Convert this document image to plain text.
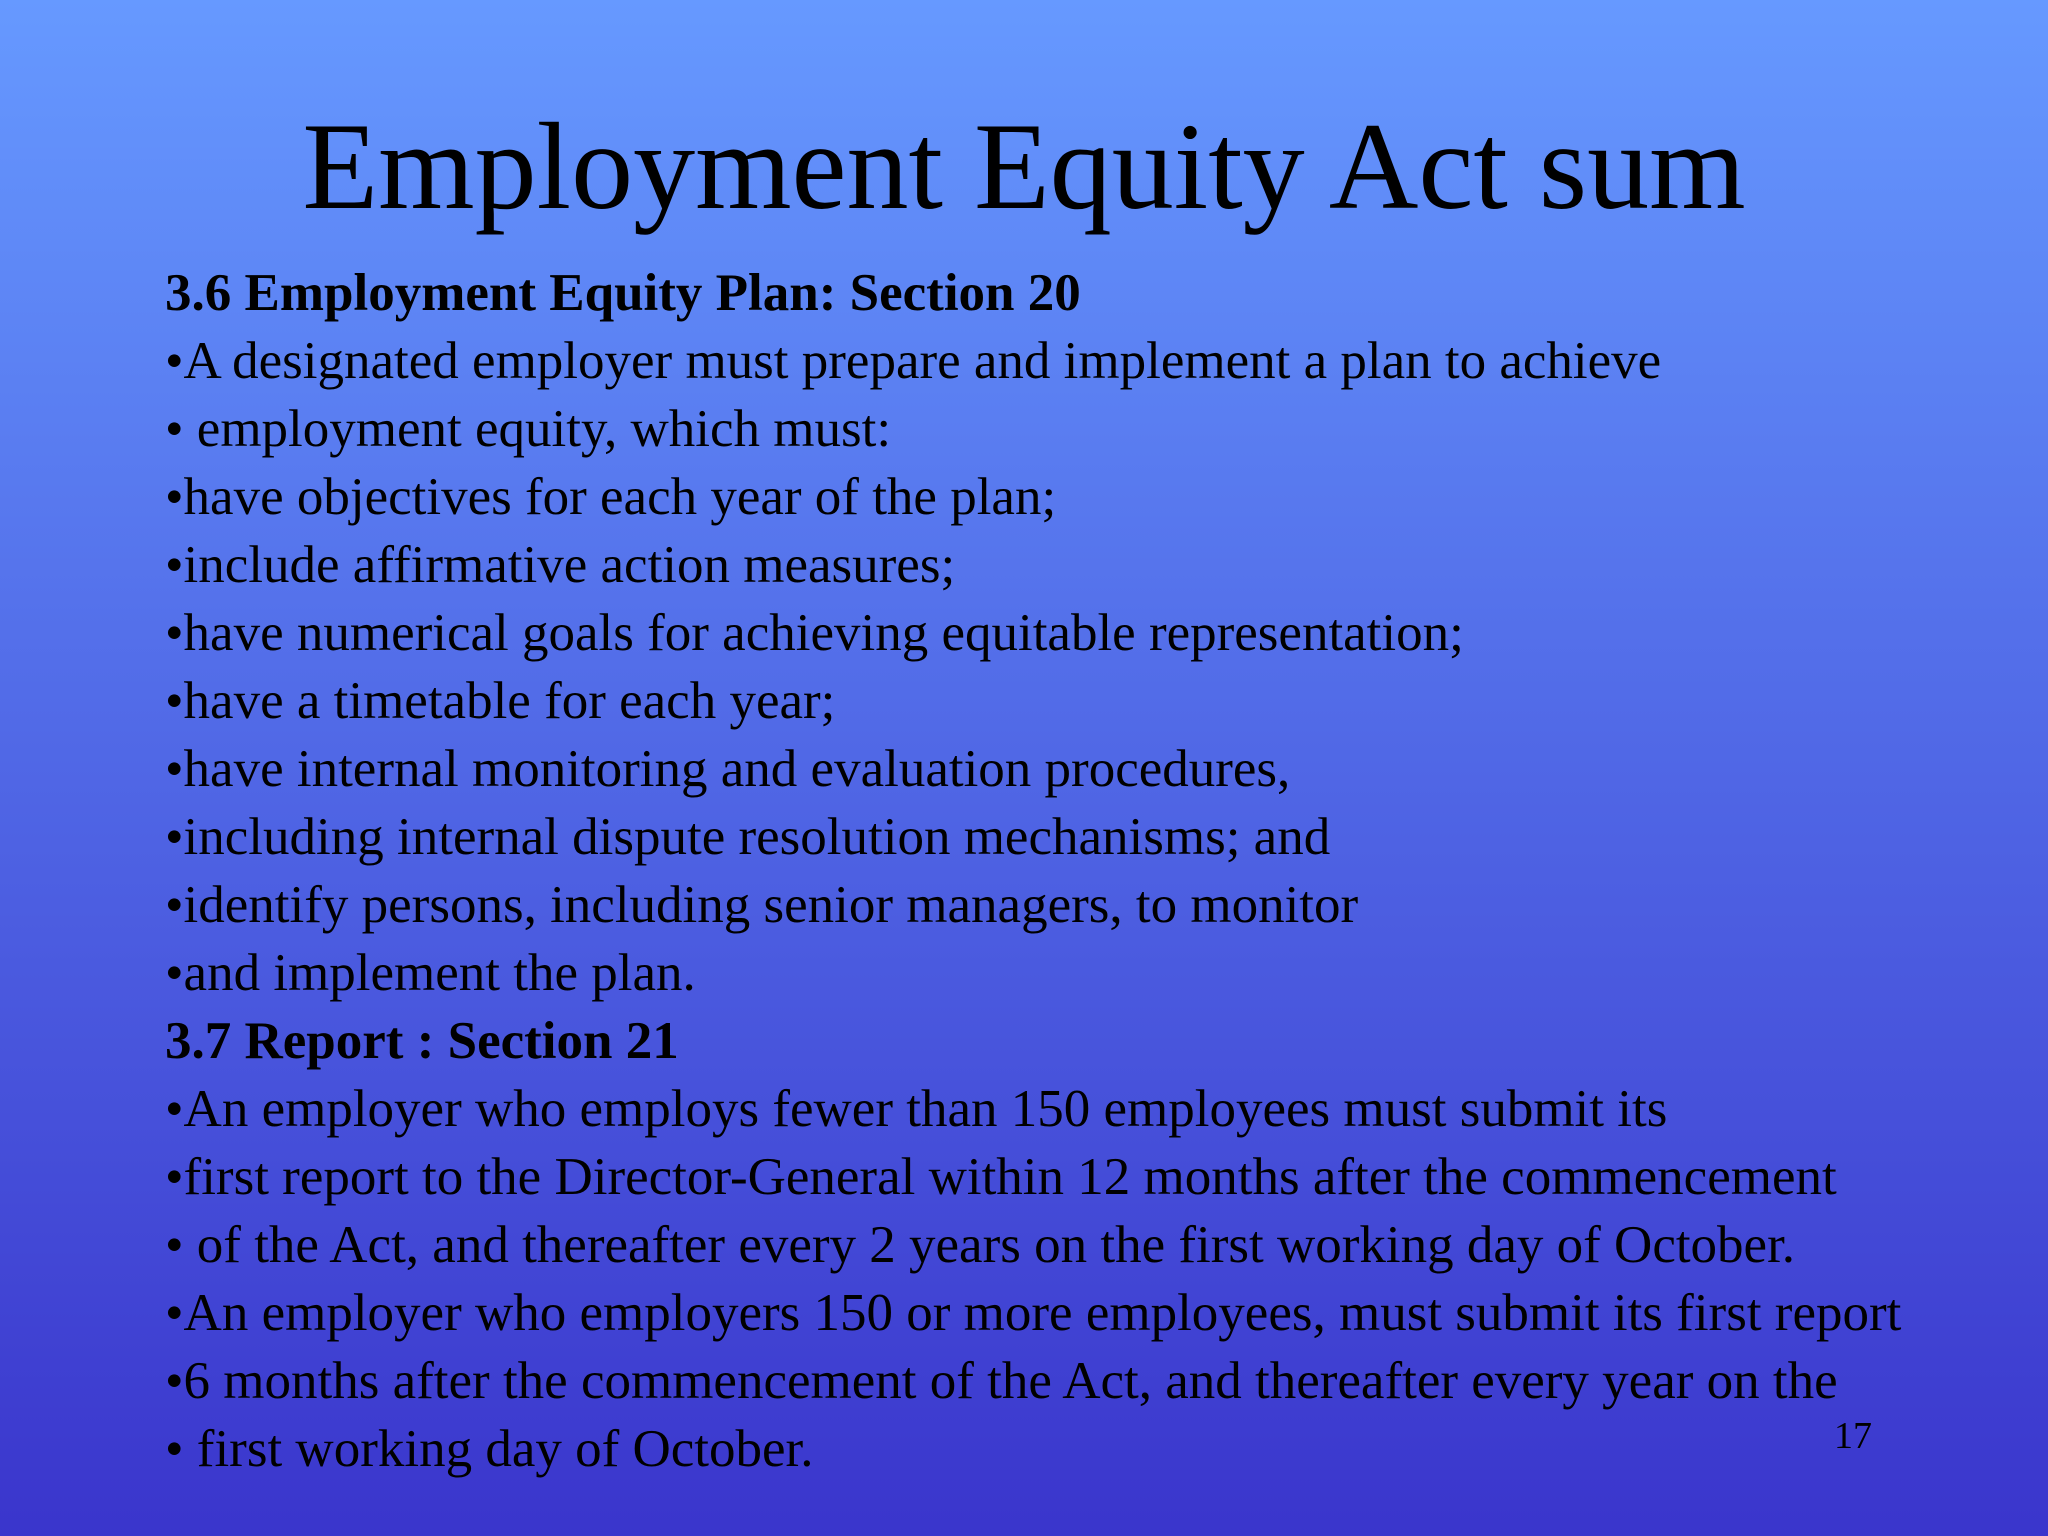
Employment Equity Act sum
3.6 Employment Equity Plan: Section 20
•A designated employer must prepare and implement a plan to achieve
• employment equity, which must:
•have objectives for each year of the plan;
•include affirmative action measures;
•have numerical goals for achieving equitable representation;
•have a timetable for each year;
•have internal monitoring and evaluation procedures,
•including internal dispute resolution mechanisms; and
•identify persons, including senior managers, to monitor
•and implement the plan.
3.7 Report : Section 21
•An employer who employs fewer than 150 employees must submit its
•first report to the Director-General within 12 months after the commencement
• of the Act, and thereafter every 2 years on the first working day of October.
•An employer who employers 150 or more employees, must submit its first report
•6 months after the commencement of the Act, and thereafter every year on the
• first working day of October.	17
